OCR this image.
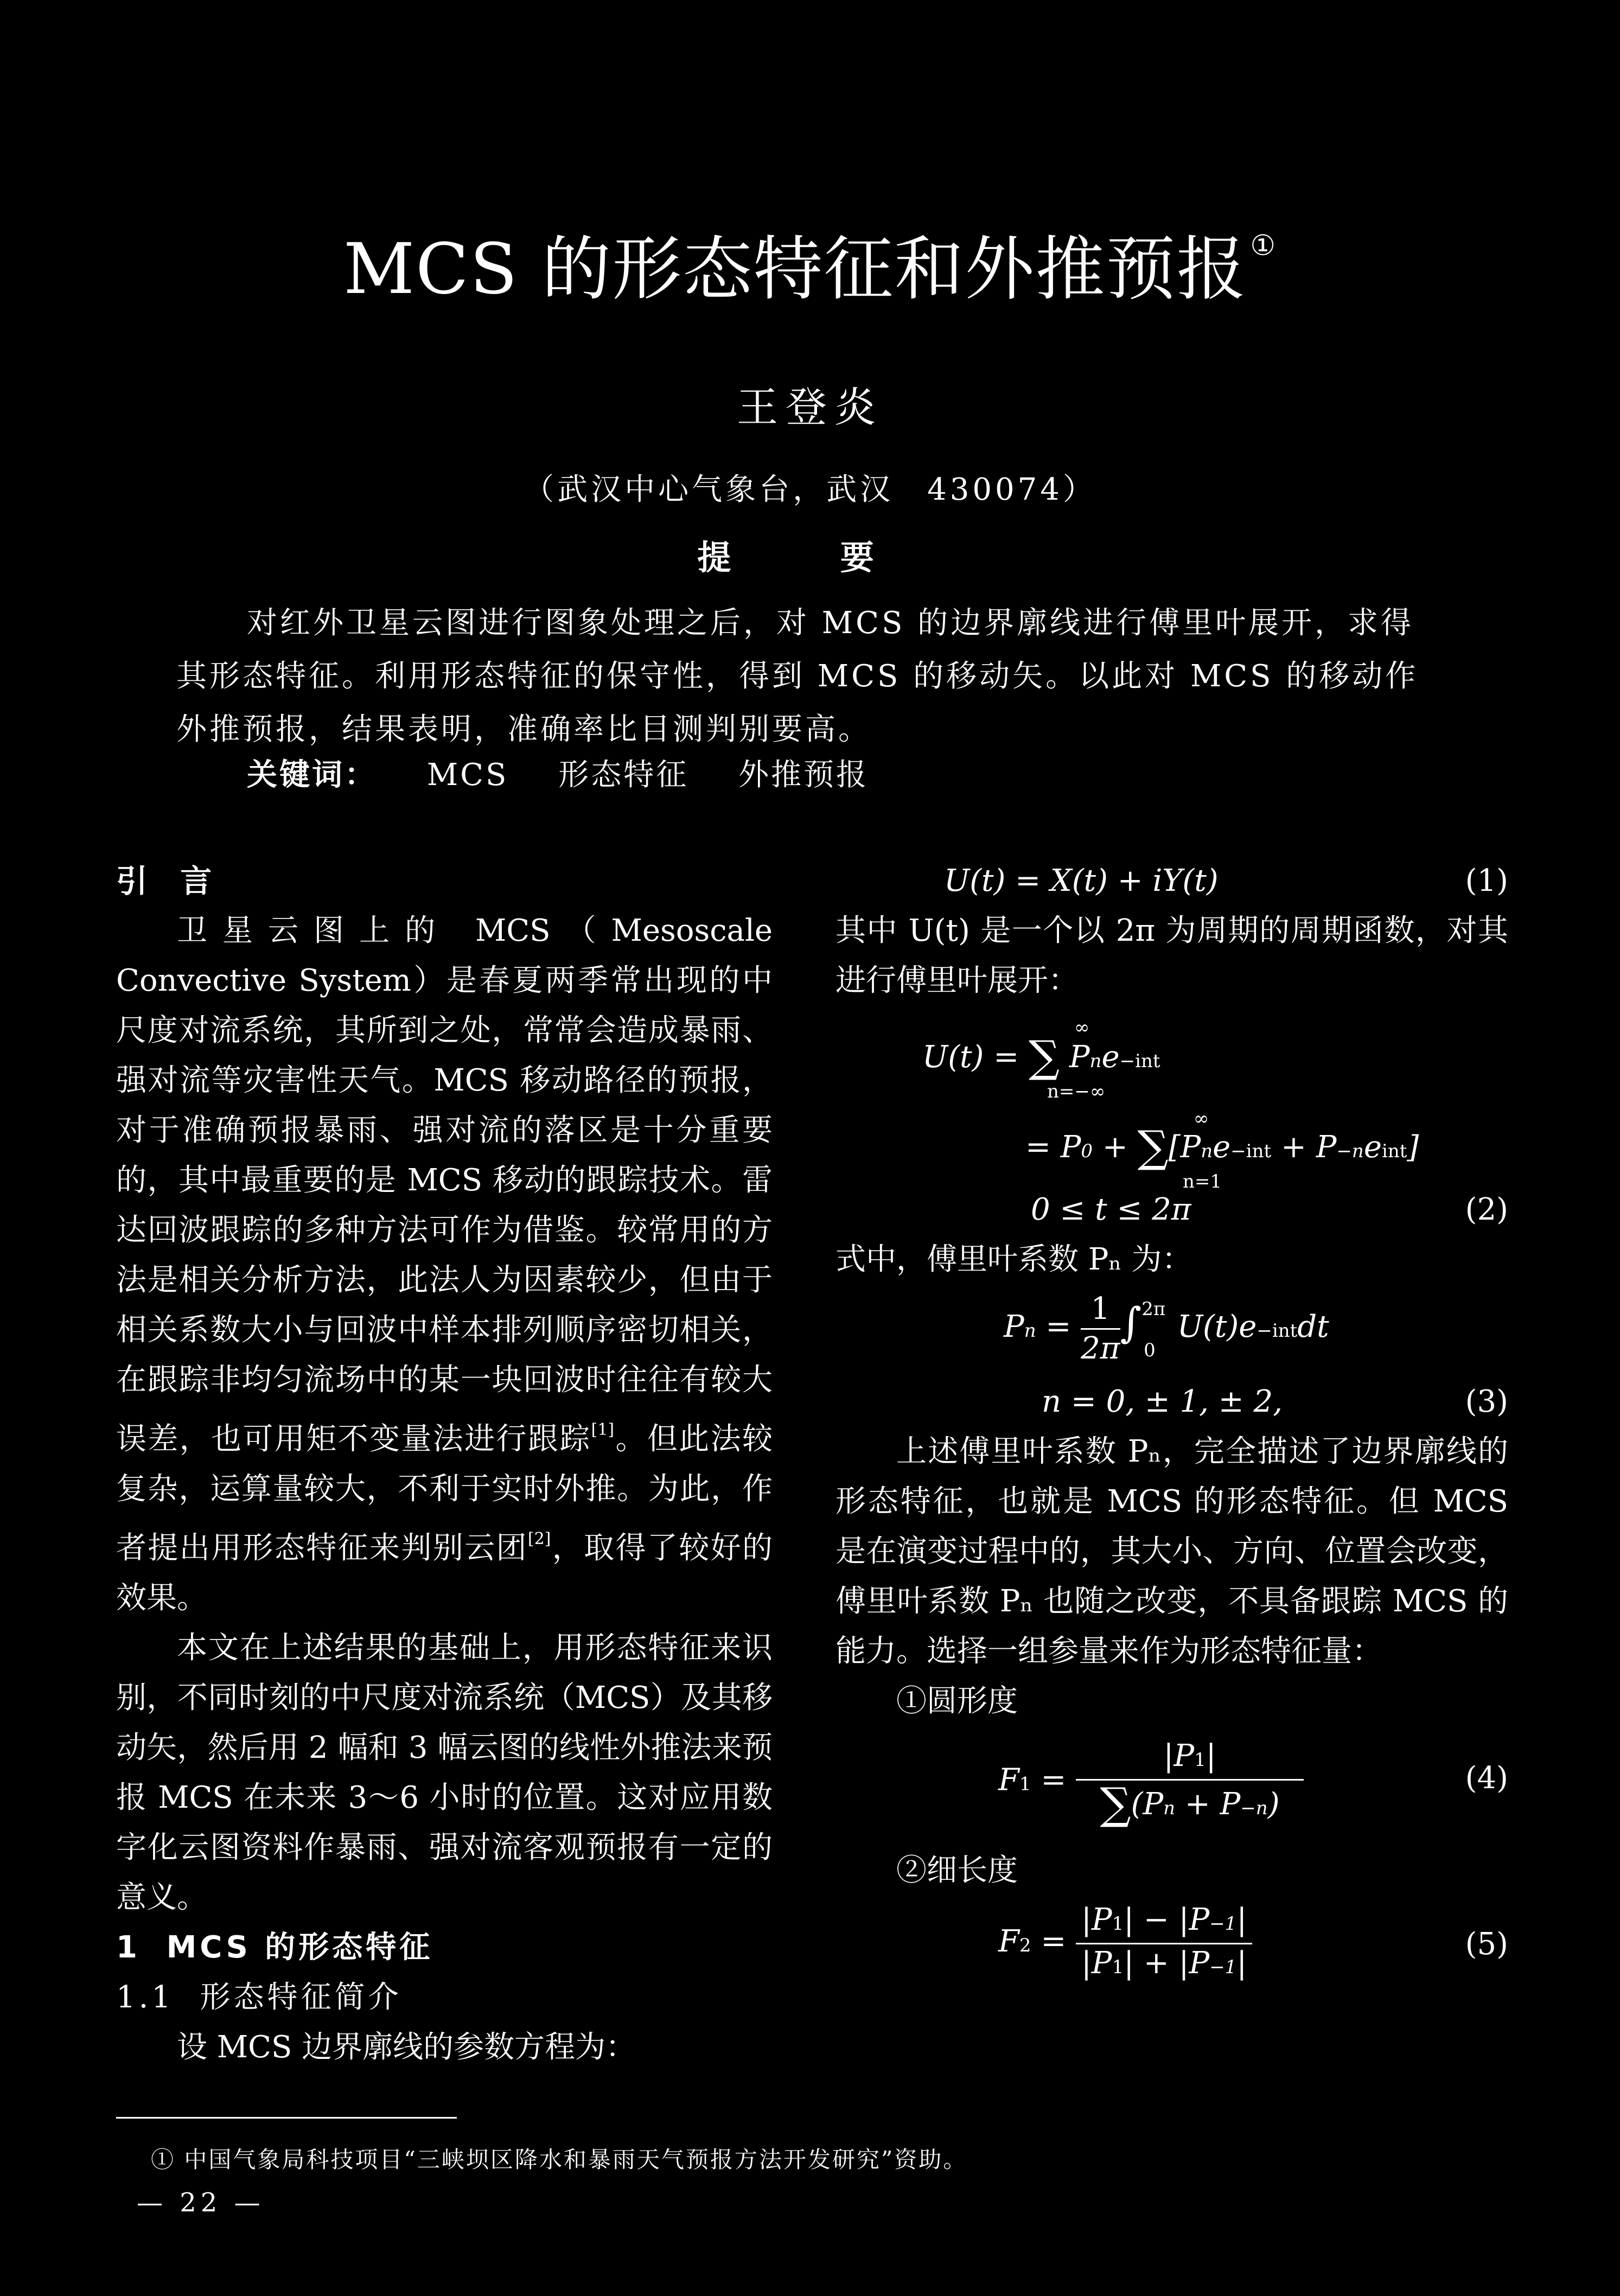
MCS 的形态特征和外推预报 ①
王登炎
（武汉中心气象台，武汉　430074）
提 要
对红外卫星云图进行图象处理之后，对 MCS 的边界廓线进行傅里叶展开，求得其形态特征。利用形态特征的保守性，得到 MCS 的移动矢。以此对 MCS 的移动作外推预报，结果表明，准确率比目测判别要高。
关键词： MCS 形态特征 外推预报

引 言

卫星云图上的 MCS（Mesoscale Convective System）是春夏两季常出现的中尺度对流系统，其所到之处，常常会造成暴雨、强对流等灾害性天气。MCS 移动路径的预报，对于准确预报暴雨、强对流的落区是十分重要的，其中最重要的是 MCS 移动的跟踪技术。雷达回波跟踪的多种方法可作为借鉴。较常用的方法是相关分析方法，此法人为因素较少，但由于相关系数大小与回波中样本排列顺序密切相关，在跟踪非均匀流场中的某一块回波时往往有较大误差，也可用矩不变量法进行跟踪[1]。但此法较复杂，运算量较大，不利于实时外推。为此，作者提出用形态特征来判别云团[2]，取得了较好的效果。

本文在上述结果的基础上，用形态特征来识别，不同时刻的中尺度对流系统（MCS）及其移动矢，然后用 2 幅和 3 幅云图的线性外推法来预报 MCS 在未来 3～6 小时的位置。这对应用数字化云图资料作暴雨、强对流客观预报有一定的意义。

1 MCS 的形态特征

1.1 形态特征简介

设 MCS 边界廓线的参数方程为：

U(t) = X(t) + iY(t)	(1)

其中 U(t) 是一个以 2π 为周期的周期函数，对其进行傅里叶展开：

U(t) = ∑ Pne−int
∞
n=−∞
= P0 + ∑[Pne−int + P−neint]
∞
n=1
0 ≤ t ≤ 2π	(2)

式中，傅里叶系数 Pₙ 为：

$Pn = \frac{1}{2\pi}$ ∫$^{2\pi}_0$U(t)e−intdt
n = 0, ± 1, ± 2,	(3)

上述傅里叶系数 Pₙ，完全描述了边界廓线的形态特征，也就是 MCS 的形态特征。但 MCS 是在演变过程中的，其大小、方向、位置会改变，傅里叶系数 Pₙ 也随之改变，不具备跟踪 MCS 的能力。选择一组参量来作为形态特征量：

①圆形度

$F1 = \frac{|P1|}{\sum(Pn + P-n)}$	(4)

②细长度

$F2 = \frac{|P1| - |P-1|}{|P1| + |P-1|}$	(5)
① 中国气象局科技项目“三峡坝区降水和暴雨天气预报方法开发研究”资助。
— 22 —
